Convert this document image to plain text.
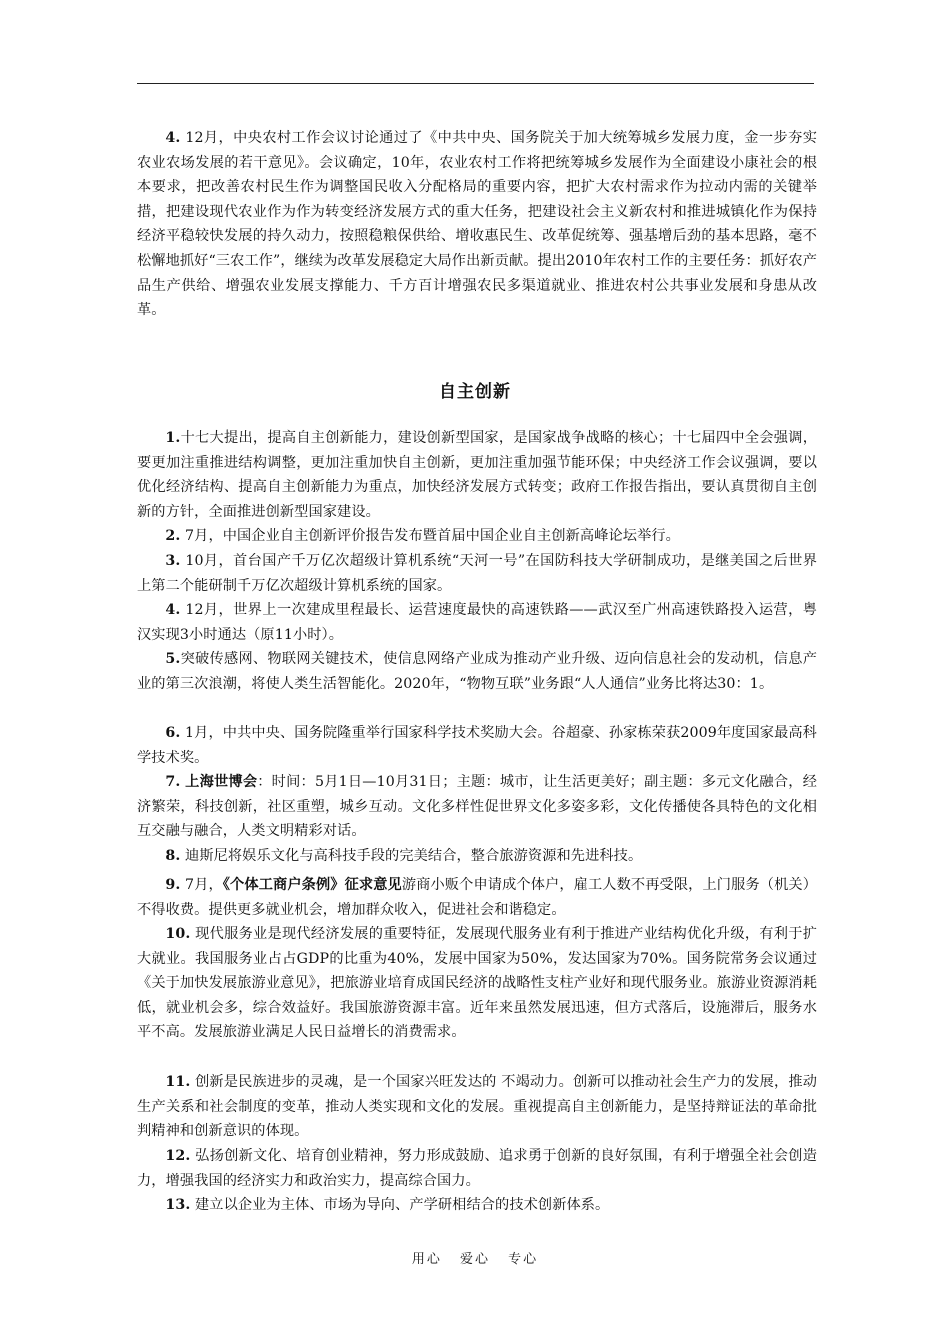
4. 12月，中央农村工作会议讨论通过了《中共中央、国务院关于加大统筹城乡发展力度，金一步夯实农业农场发展的若干意见》。会议确定，10年，农业农村工作将把统筹城乡发展作为全面建设小康社会的根本要求，把改善农村民生作为调整国民收入分配格局的重要内容，把扩大农村需求作为拉动内需的关键举措，把建设现代农业作为作为转变经济发展方式的重大任务，把建设社会主义新农村和推进城镇化作为保持经济平稳较快发展的持久动力，按照稳粮保供给、增收惠民生、改革促统筹、强基增后劲的基本思路，毫不松懈地抓好“三农工作”，继续为改革发展稳定大局作出新贡献。提出2010年农村工作的主要任务：抓好农产品生产供给、增强农业发展支撑能力、千方百计增强农民多渠道就业、推进农村公共事业发展和身患从改革。

自主创新

1.十七大提出，提高自主创新能力，建设创新型国家，是国家战争战略的核心；十七届四中全会强调，要更加注重推进结构调整，更加注重加快自主创新，更加注重加强节能环保；中央经济工作会议强调，要以优化经济结构、提高自主创新能力为重点，加快经济发展方式转变；政府工作报告指出，要认真贯彻自主创新的方针，全面推进创新型国家建设。

2. 7月，中国企业自主创新评价报告发布暨首届中国企业自主创新高峰论坛举行。

3. 10月，首台国产千万亿次超级计算机系统“天河一号”在国防科技大学研制成功，是继美国之后世界上第二个能研制千万亿次超级计算机系统的国家。

4. 12月，世界上一次建成里程最长、运营速度最快的高速铁路——武汉至广州高速铁路投入运营，粤汉实现3小时通达（原11小时）。

5.突破传感网、物联网关键技术，使信息网络产业成为推动产业升级、迈向信息社会的发动机，信息产业的第三次浪潮，将使人类生活智能化。2020年，“物物互联”业务跟“人人通信”业务比将达30：1。

6. 1月，中共中央、国务院隆重举行国家科学技术奖励大会。谷超豪、孙家栋荣获2009年度国家最高科学技术奖。

7. 上海世博会：时间：5月1日—10月31日；主题：城市，让生活更美好；副主题：多元文化融合，经济繁荣，科技创新，社区重塑，城乡互动。文化多样性促世界文化多姿多彩，文化传播使各具特色的文化相互交融与融合，人类文明精彩对话。

8. 迪斯尼将娱乐文化与高科技手段的完美结合，整合旅游资源和先进科技。

9. 7月，《个体工商户条例》征求意见游商小贩个申请成个体户，雇工人数不再受限，上门服务（机关）不得收费。提供更多就业机会，增加群众收入，促进社会和谐稳定。

10. 现代服务业是现代经济发展的重要特征，发展现代服务业有利于推进产业结构优化升级，有利于扩大就业。我国服务业占占GDP的比重为40%，发展中国家为50%，发达国家为70%。国务院常务会议通过《关于加快发展旅游业意见》，把旅游业培育成国民经济的战略性支柱产业好和现代服务业。旅游业资源消耗低，就业机会多，综合效益好。我国旅游资源丰富。近年来虽然发展迅速，但方式落后，设施滞后，服务水平不高。发展旅游业满足人民日益增长的消费需求。

11. 创新是民族进步的灵魂，是一个国家兴旺发达的 不竭动力。创新可以推动社会生产力的发展，推动生产关系和社会制度的变革，推动人类实现和文化的发展。重视提高自主创新能力，是坚持辩证法的革命批判精神和创新意识的体现。

12. 弘扬创新文化、培育创业精神，努力形成鼓励、追求勇于创新的良好氛围，有利于增强全社会创造力，增强我国的经济实力和政治实力，提高综合国力。

13. 建立以企业为主体、市场为导向、产学研相结合的技术创新体系。

用心 爱心 专心
